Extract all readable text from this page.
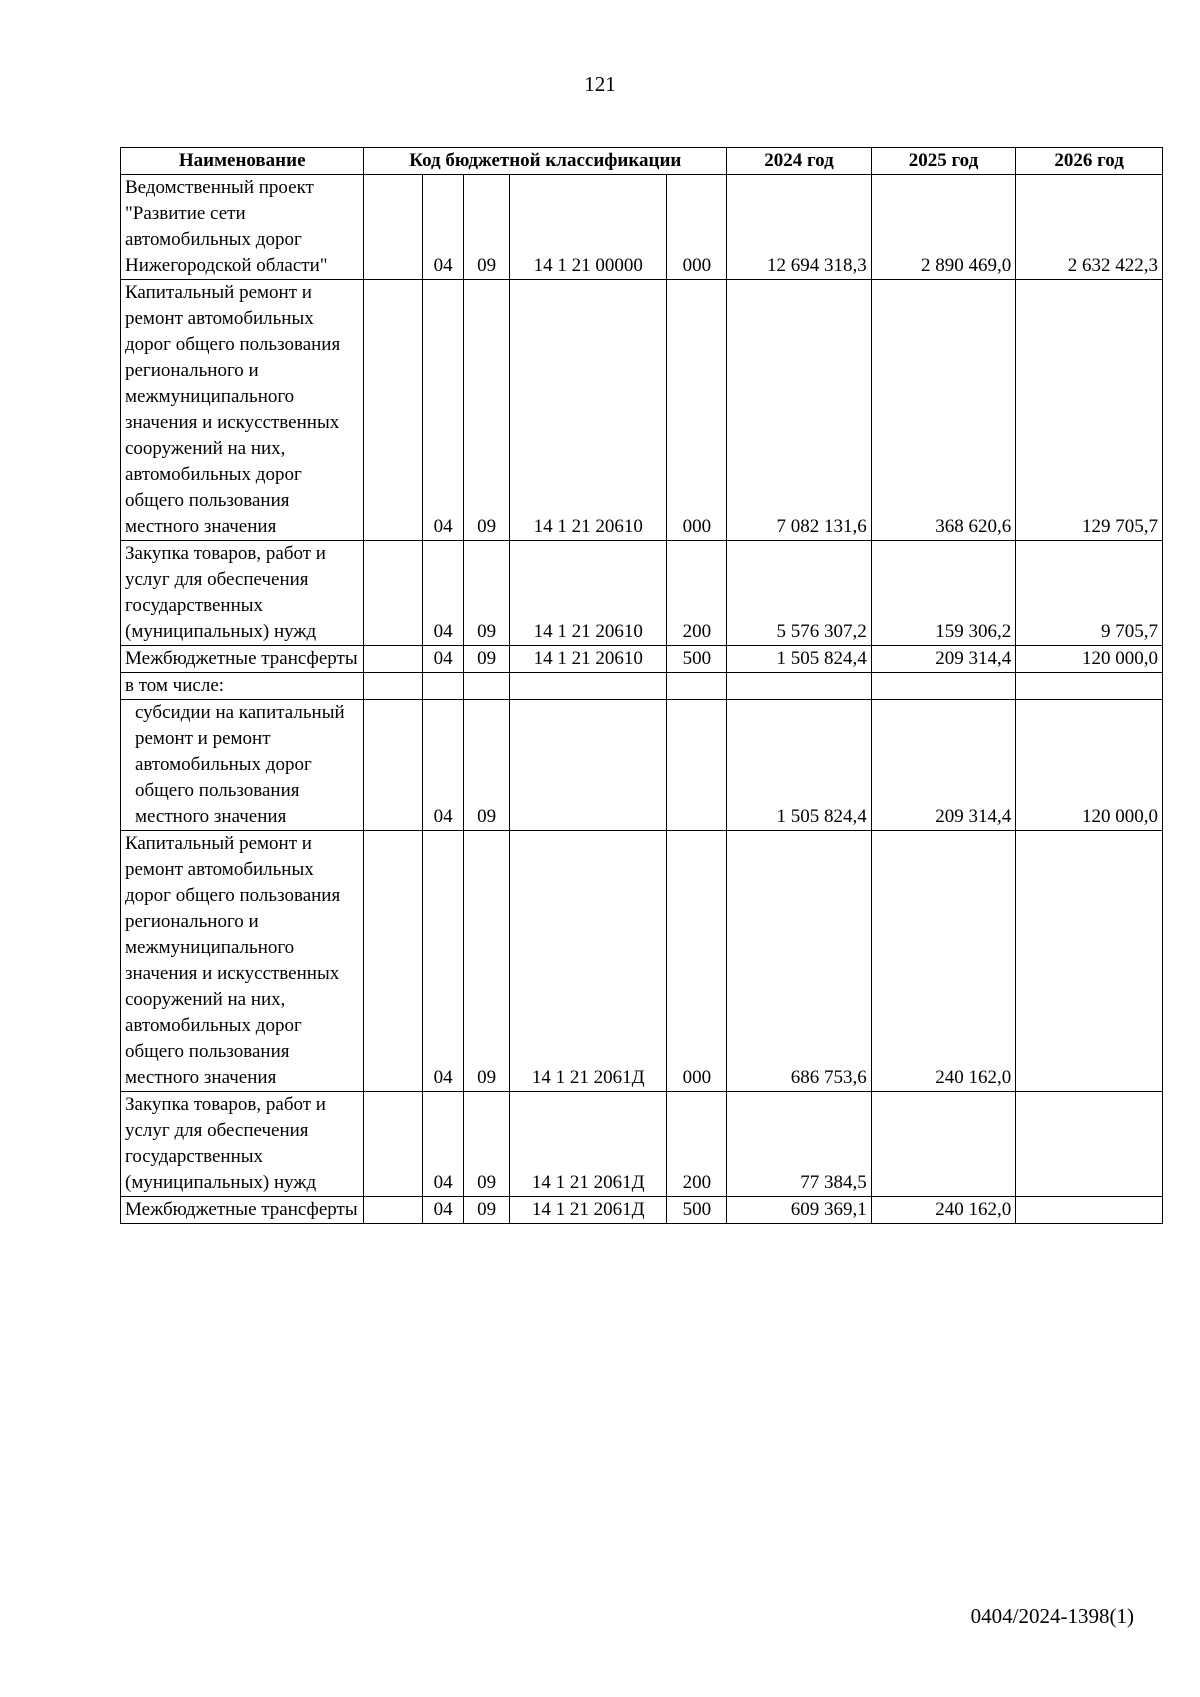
121
Наименование	Код бюджетной классификации					2024 год	2025 год	2026 год
Ведомственный проект "Развитие сети автомобильных дорог Нижегородской области"		04	09	14 1 21 00000	000	12 694 318,3	2 890 469,0	2 632 422,3
Капитальный ремонт и ремонт автомобильных дорог общего пользования регионального и межмуниципального значения и искусственных сооружений на них, автомобильных дорог общего пользования местного значения		04	09	14 1 21 20610	000	7 082 131,6	368 620,6	129 705,7
Закупка товаров, работ и услуг для обеспечения государственных (муниципальных) нужд		04	09	14 1 21 20610	200	5 576 307,2	159 306,2	9 705,7
Межбюджетные трансферты		04	09	14 1 21 20610	500	1 505 824,4	209 314,4	120 000,0
в том числе:								
субсидии на капитальный ремонт и ремонт автомобильных дорог общего пользования местного значения		04	09			1 505 824,4	209 314,4	120 000,0
Капитальный ремонт и ремонт автомобильных дорог общего пользования регионального и межмуниципального значения и искусственных сооружений на них, автомобильных дорог общего пользования местного значения		04	09	14 1 21 2061Д	000	686 753,6	240 162,0	
Закупка товаров, работ и услуг для обеспечения государственных (муниципальных) нужд		04	09	14 1 21 2061Д	200	77 384,5		
Межбюджетные трансферты		04	09	14 1 21 2061Д	500	609 369,1	240 162,0	
0404/2024-1398(1)
